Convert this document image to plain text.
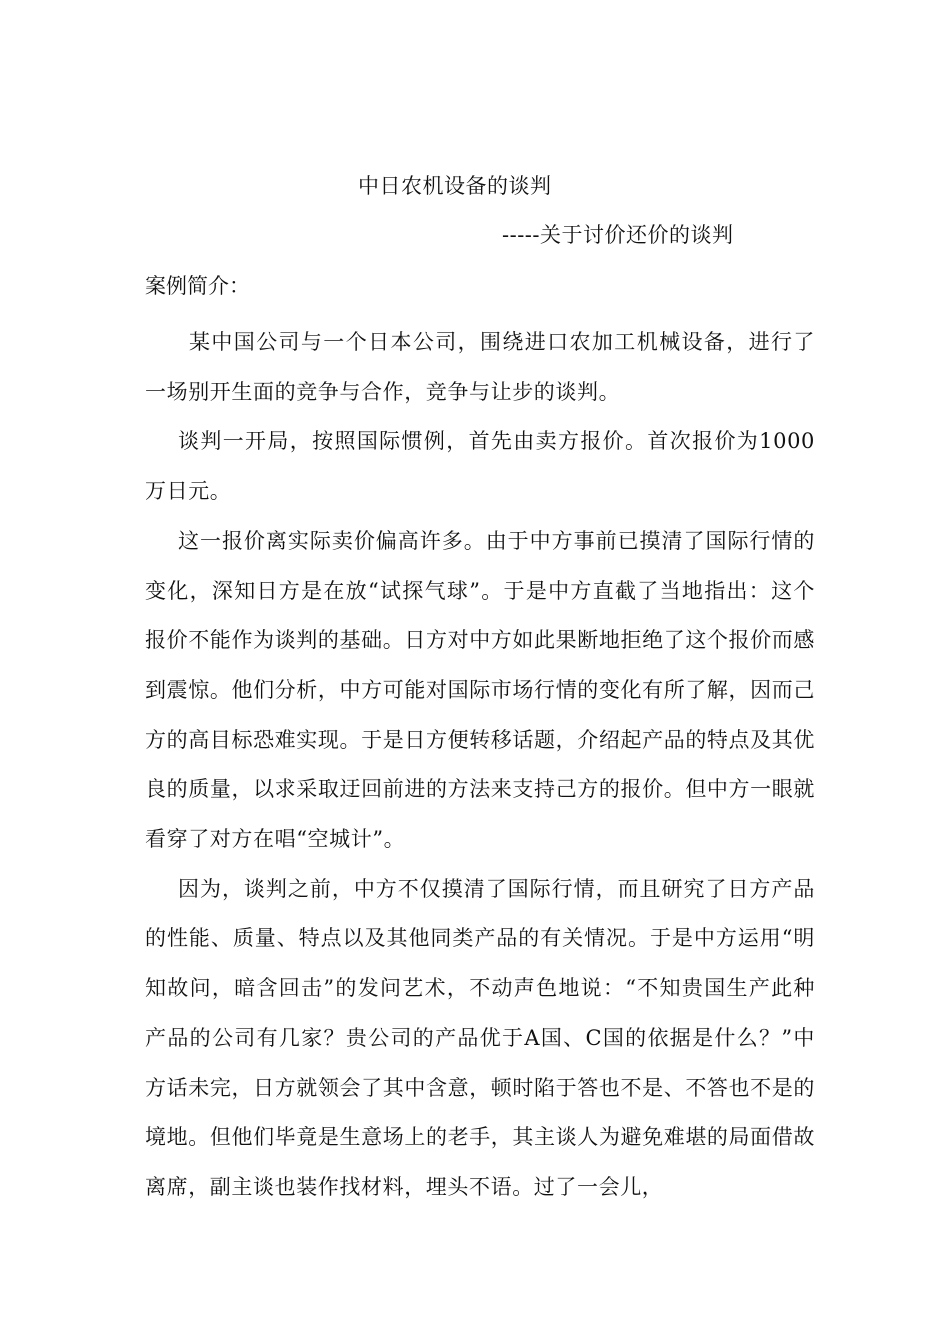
中日农机设备的谈判
-----关于讨价还价的谈判
案例简介：

某中国公司与一个日本公司，围绕进口农加工机械设备，进行了一场别开生面的竞争与合作，竞争与让步的谈判。

谈判一开局，按照国际惯例，首先由卖方报价。首次报价为1000万日元。

这一报价离实际卖价偏高许多。由于中方事前已摸清了国际行情的变化，深知日方是在放“试探气球”。于是中方直截了当地指出：这个报价不能作为谈判的基础。日方对中方如此果断地拒绝了这个报价而感到震惊。他们分析，中方可能对国际市场行情的变化有所了解，因而己方的高目标恐难实现。于是日方便转移话题，介绍起产品的特点及其优良的质量，以求采取迂回前进的方法来支持己方的报价。但中方一眼就看穿了对方在唱“空城计”。

因为，谈判之前，中方不仅摸清了国际行情，而且研究了日方产品的性能、质量、特点以及其他同类产品的有关情况。于是中方运用“明知故问，暗含回击”的发问艺术，不动声色地说：“不知贵国生产此种产品的公司有几家？贵公司的产品优于A国、C国的依据是什么？”中方话未完，日方就领会了其中含意，顿时陷于答也不是、不答也不是的境地。但他们毕竟是生意场上的老手，其主谈人为避免难堪的局面借故离席，副主谈也装作找材料，埋头不语。过了一会儿，
